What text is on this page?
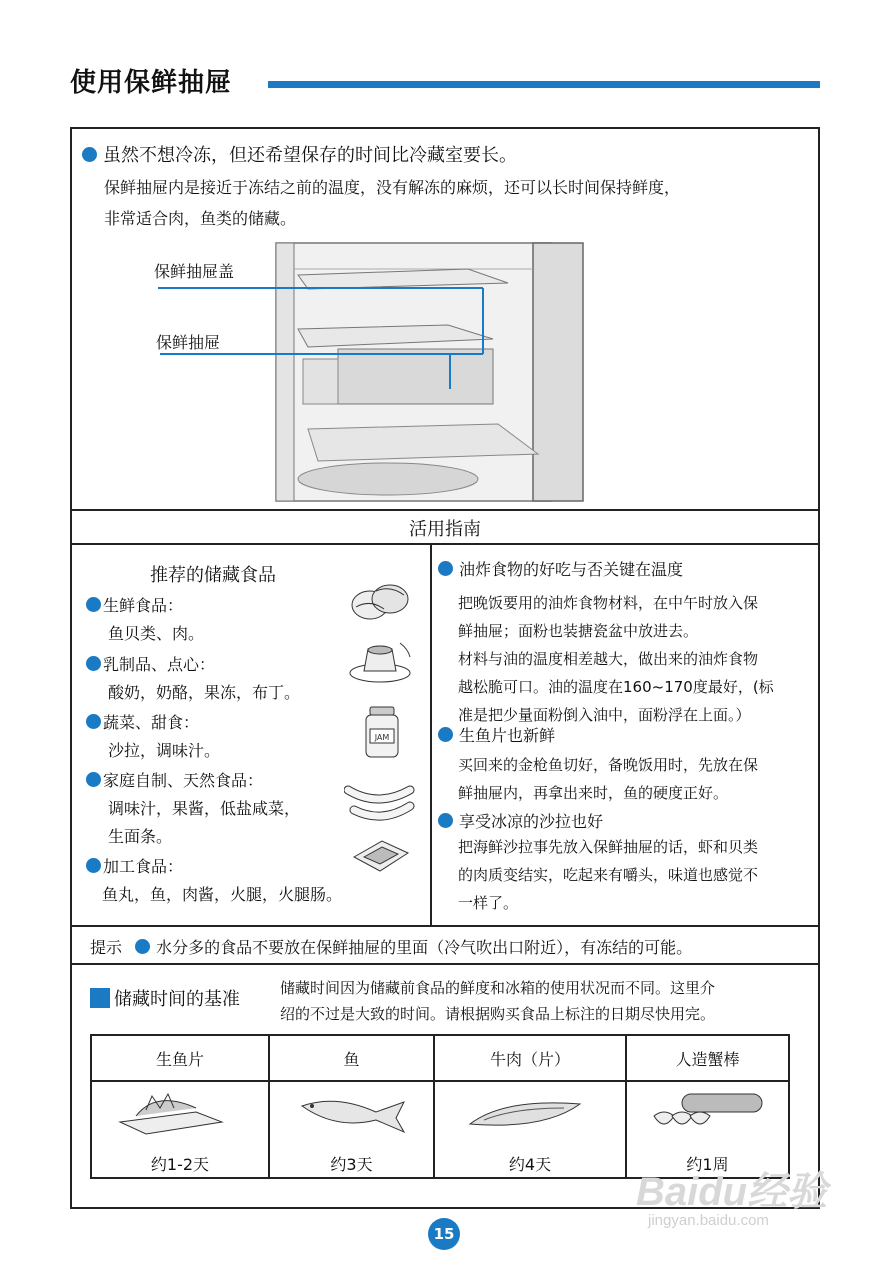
使用保鲜抽屉
虽然不想冷冻，但还希望保存的时间比冷藏室要长。
保鲜抽屉内是接近于冻结之前的温度，没有解冻的麻烦，还可以长时间保持鲜度，
非常适合肉，鱼类的储藏。
保鲜抽屉盖
保鲜抽屉
活用指南
推荐的储藏食品
生鲜食品：
鱼贝类、肉。
乳制品、点心：
酸奶，奶酪，果冻，布丁。
蔬菜、甜食：
沙拉，调味汁。
家庭自制、天然食品：
调味汁，果酱，低盐咸菜，
生面条。
加工食品：
鱼丸，鱼，肉酱，火腿，火腿肠。
JAM
油炸食物的好吃与否关键在温度
把晚饭要用的油炸食物材料，在中午时放入保
鲜抽屉；面粉也装搪瓷盆中放进去。
材料与油的温度相差越大，做出来的油炸食物
越松脆可口。油的温度在160~170度最好，(标
准是把少量面粉倒入油中，面粉浮在上面。）
生鱼片也新鲜
买回来的金枪鱼切好，备晚饭用时，先放在保
鲜抽屉内，再拿出来时，鱼的硬度正好。
享受冰凉的沙拉也好
把海鲜沙拉事先放入保鲜抽屉的话，虾和贝类
的肉质变结实，吃起来有嚼头，味道也感觉不
一样了。
提示 水分多的食品不要放在保鲜抽屉的里面（冷气吹出口附近），有冻结的可能。
储藏时间的基准
储藏时间因为储藏前食品的鲜度和冰箱的使用状况而不同。这里介
绍的不过是大致的时间。请根据购买食品上标注的日期尽快用完。
生鱼片	鱼	牛肉（片）	人造蟹棒
约1-2天	约3天	约4天	约1周
Baidu经验
jingyan.baidu.com
15
